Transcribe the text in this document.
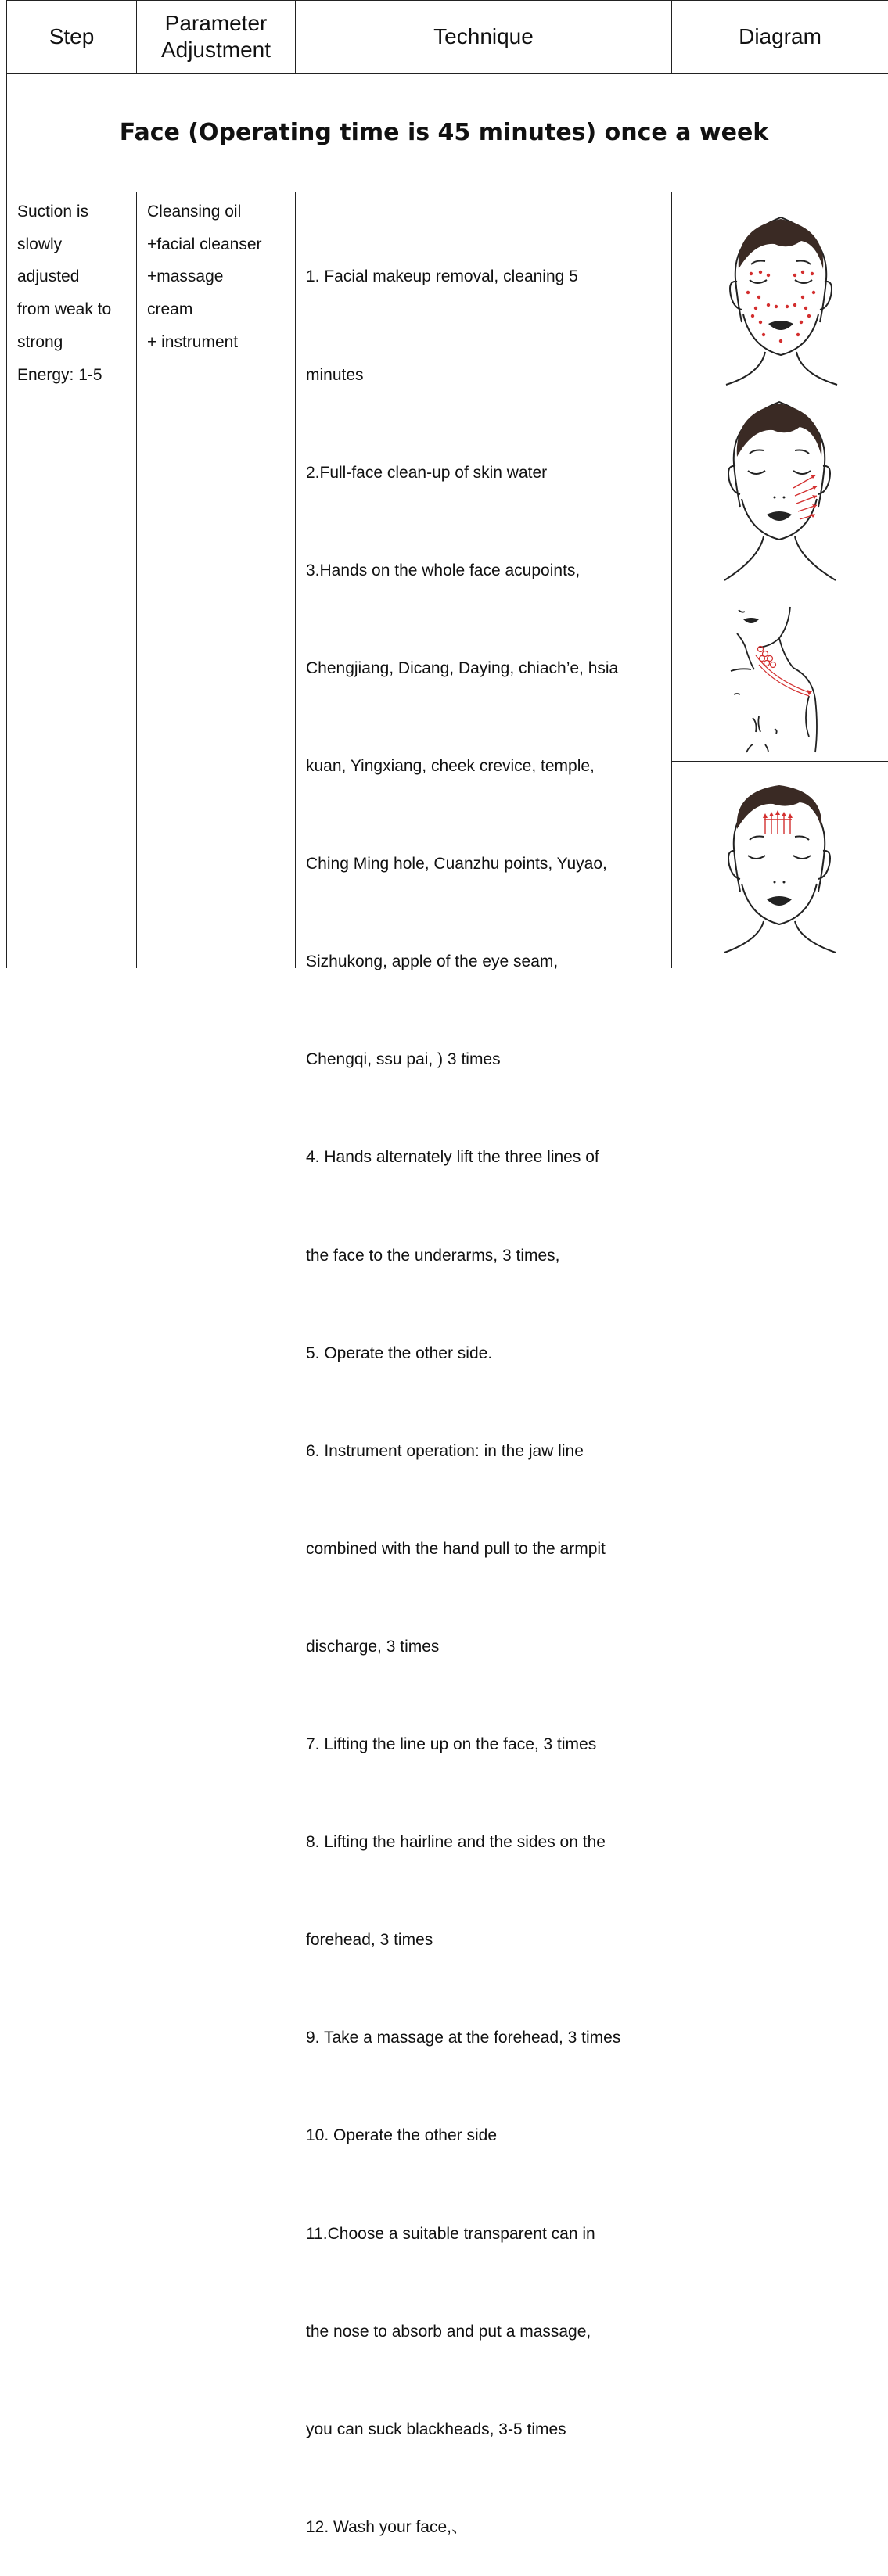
Step
Parameter
Adjustment
Technique	Diagram
Face (Operating time is 45 minutes) once a week
Suction is
slowly
adjusted
from weak to
strong
Energy: 1-5
Cleansing oil
+facial cleanser
+massage
cream
+ instrument

1. Facial makeup removal, cleaning 5

minutes

2.Full-face clean-up of skin water

3.Hands on the whole face acupoints,

Chengjiang, Dicang, Daying, chiach’e, hsia

kuan, Yingxiang, cheek crevice, temple,

Ching Ming hole, Cuanzhu points, Yuyao,

Sizhukong, apple of the eye seam,

Chengqi, ssu pai, ) 3 times

4. Hands alternately lift the three lines of

the face to the underarms, 3 times,

5. Operate the other side.

6. Instrument operation: in the jaw line

combined with the hand pull to the armpit

discharge, 3 times

7. Lifting the line up on the face, 3 times

8. Lifting the hairline and the sides on the

forehead, 3 times

9. Take a massage at the forehead, 3 times

10. Operate the other side

11.Choose a suitable transparent can in

the nose to absorb and put a massage,

you can suck blackheads, 3-5 times

12. Wash your face,、
